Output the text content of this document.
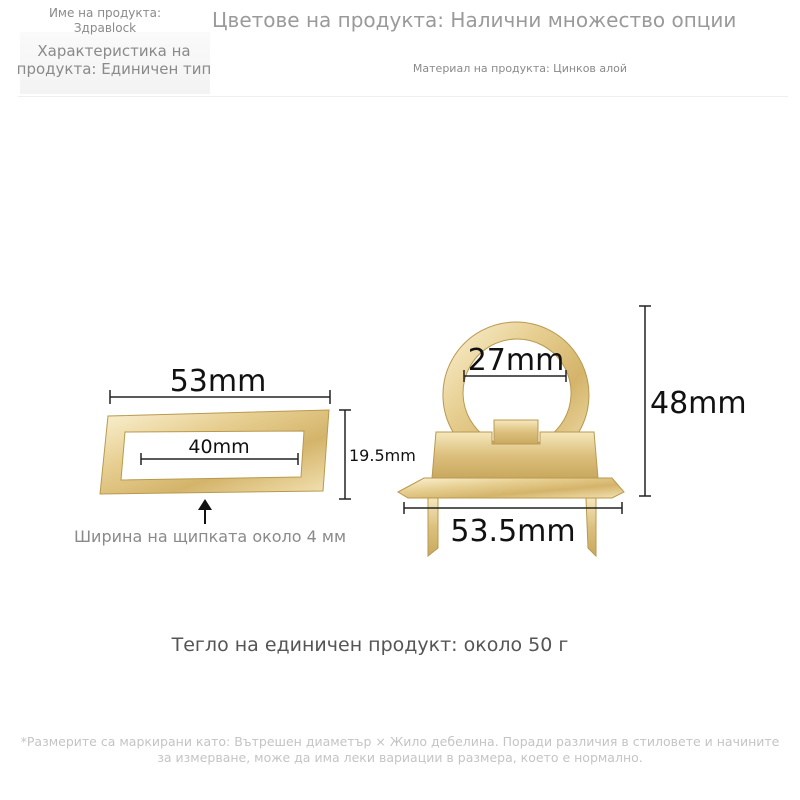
Име на продукта: Здравlock	Цветове на продукта: Налични множество опции
Характеристика на продукта: Единичен тип	Материал на продукта: Цинков алой
53mm
40mm	19.5mm
Ширина на щипката около 4 мм
27mm
48mm
53.5mm
Тегло на единичен продукт: около 50 г
*Размерите са маркирани като: Вътрешен диаметър × Жило дебелина. Поради различия в стиловете и начините за измерване, може да има леки вариации в размера, което е нормално.
